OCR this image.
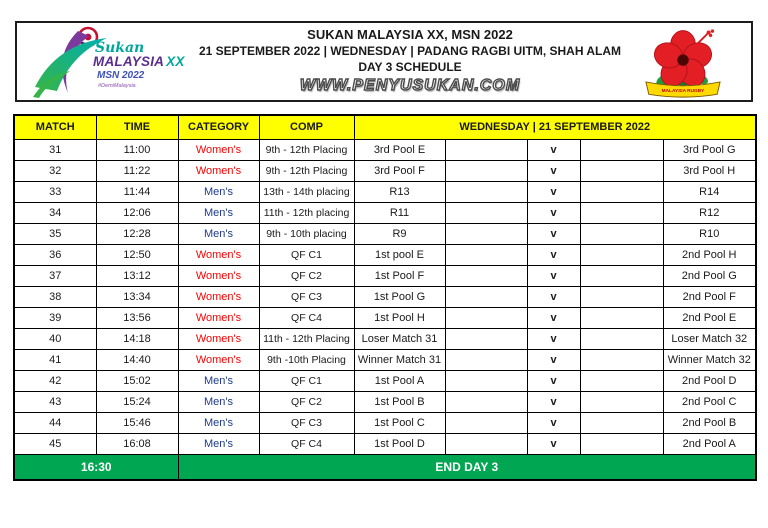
Sukan
MALAYSIA XX
MSN 2022
#DemiMalaysia
SUKAN MALAYSIA XX, MSN 2022
21 SEPTEMBER 2022 | WEDNESDAY | PADANG RAGBI UITM, SHAH ALAM
DAY 3 SCHEDULE
WWW.PENYUSUKAN.COM	MALAYSIA RUGBY
MATCH	TIME	CATEGORY	COMP	WEDNESDAY | 21 SEPTEMBER 2022				
31	11:00	Women's	9th - 12th Placing	3rd Pool E		v		3rd Pool G
32	11:22	Women's	9th - 12th Placing	3rd Pool F		v		3rd Pool H
33	11:44	Men's	13th - 14th placing	R13		v		R14
34	12:06	Men's	11th - 12th placing	R11		v		R12
35	12:28	Men's	9th - 10th placing	R9		v		R10
36	12:50	Women's	QF C1	1st pool E		v		2nd Pool H
37	13:12	Women's	QF C2	1st Pool F		v		2nd Pool G
38	13:34	Women's	QF C3	1st Pool G		v		2nd Pool F
39	13:56	Women's	QF C4	1st Pool H		v		2nd Pool E
40	14:18	Women's	11th - 12th Placing	Loser Match 31		v		Loser Match 32
41	14:40	Women's	9th -10th Placing	Winner Match 31		v		Winner Match 32
42	15:02	Men's	QF C1	1st Pool A		v		2nd Pool D
43	15:24	Men's	QF C2	1st Pool B		v		2nd Pool C
44	15:46	Men's	QF C3	1st Pool C		v		2nd Pool B
45	16:08	Men's	QF C4	1st Pool D		v		2nd Pool A
16:30		END DAY 3						
